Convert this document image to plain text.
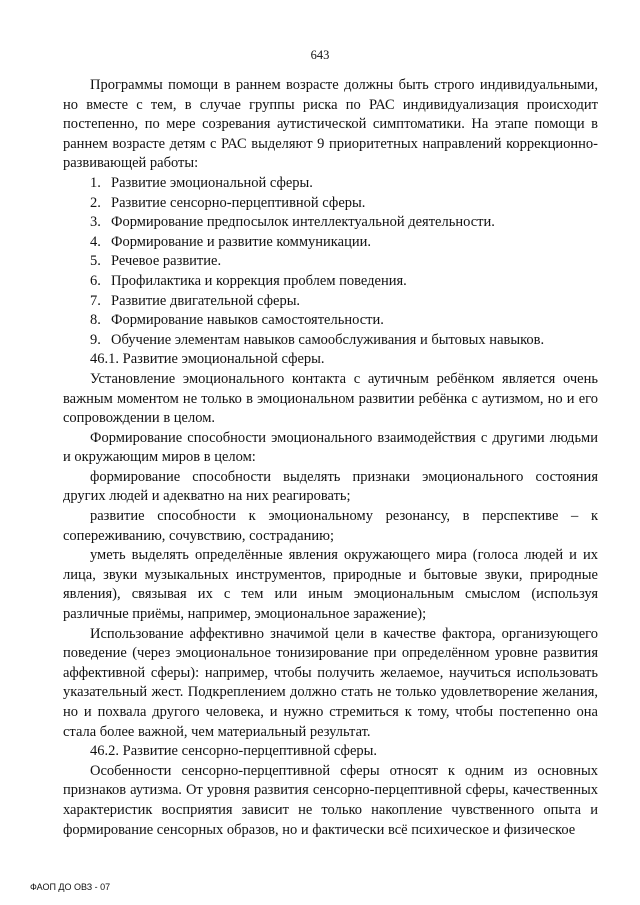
643

Программы помощи в раннем возрасте должны быть строго индивидуальными, но вместе с тем, в случае группы риска по РАС индивидуализация происходит постепенно, по мере созревания аутистической симптоматики. На этапе помощи в раннем возрасте детям с РАС выделяют 9 приоритетных направлений коррекционно-развивающей работы:

1. Развитие эмоциональной сферы.

2. Развитие сенсорно-перцептивной сферы.

3. Формирование предпосылок интеллектуальной деятельности.

4. Формирование и развитие коммуникации.

5. Речевое развитие.

6. Профилактика и коррекция проблем поведения.

7. Развитие двигательной сферы.

8. Формирование навыков самостоятельности.

9. Обучение элементам навыков самообслуживания и бытовых навыков.

46.1. Развитие эмоциональной сферы.

Установление эмоционального контакта с аутичным ребёнком является очень важным моментом не только в эмоциональном развитии ребёнка с аутизмом, но и его сопровождении в целом.

Формирование способности эмоционального взаимодействия с другими людьми и окружающим миров в целом:

формирование способности выделять признаки эмоционального состояния других людей и адекватно на них реагировать;

развитие способности к эмоциональному резонансу, в перспективе – к сопереживанию, сочувствию, состраданию;

уметь выделять определённые явления окружающего мира (голоса людей и их лица, звуки музыкальных инструментов, природные и бытовые звуки, природные явления), связывая их с тем или иным эмоциональным смыслом (используя различные приёмы, например, эмоциональное заражение);

Использование аффективно значимой цели в качестве фактора, организующего поведение (через эмоциональное тонизирование при определённом уровне развития аффективной сферы): например, чтобы получить желаемое, научиться использовать указательный жест. Подкреплением должно стать не только удовлетворение желания, но и похвала другого человека, и нужно стремиться к тому, чтобы постепенно она стала более важной, чем материальный результат.

46.2. Развитие сенсорно-перцептивной сферы.

Особенности сенсорно-перцептивной сферы относят к одним из основных признаков аутизма. От уровня развития сенсорно-перцептивной сферы, качественных характеристик восприятия зависит не только накопление чувственного опыта и формирование сенсорных образов, но и фактически всё психическое и физическое

ФАОП ДО ОВЗ - 07
